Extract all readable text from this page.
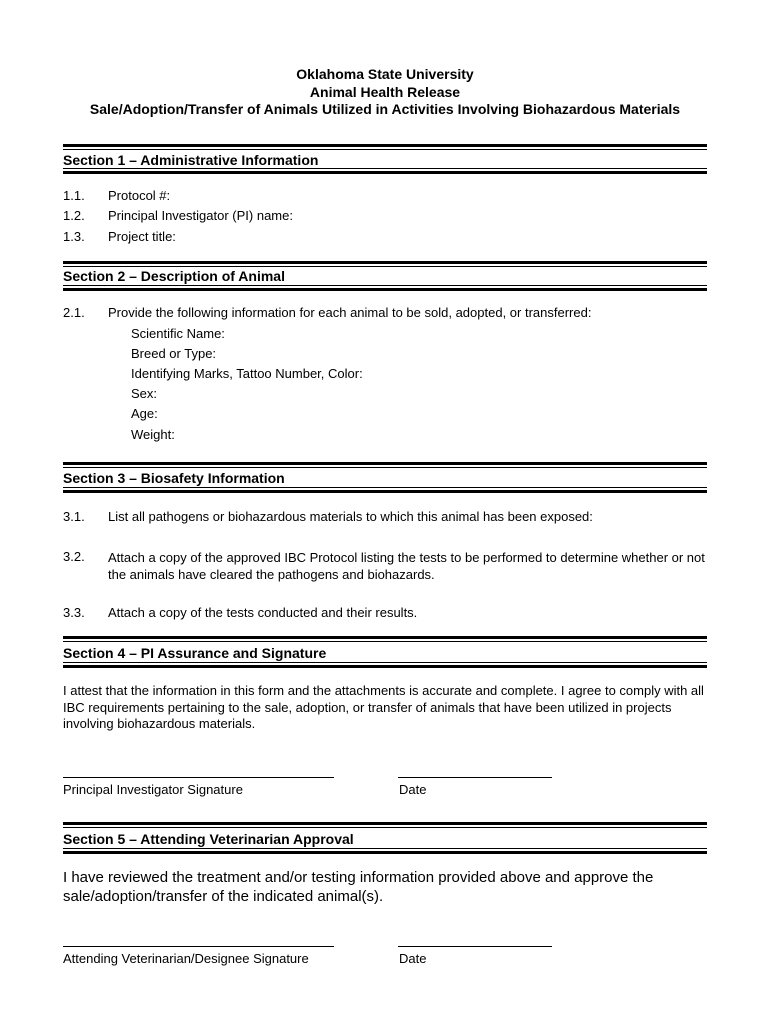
Oklahoma State University
Animal Health Release
Sale/Adoption/Transfer of Animals Utilized in Activities Involving Biohazardous Materials
Section 1 – Administrative Information
1.1. Protocol #:
1.2. Principal Investigator (PI) name:
1.3. Project title:
Section 2 – Description of Animal
2.1. Provide the following information for each animal to be sold, adopted, or transferred:
Scientific Name:
Breed or Type:
Identifying Marks, Tattoo Number, Color:
Sex:
Age:
Weight:
Section 3 – Biosafety Information
3.1. List all pathogens or biohazardous materials to which this animal has been exposed:
3.2. Attach a copy of the approved IBC Protocol listing the tests to be performed to determine whether or not the animals have cleared the pathogens and biohazards.
3.3. Attach a copy of the tests conducted and their results.
Section 4 – PI Assurance and Signature
I attest that the information in this form and the attachments is accurate and complete. I agree to comply with all IBC requirements pertaining to the sale, adoption, or transfer of animals that have been utilized in projects involving biohazardous materials.
Principal Investigator Signature	Date
Section 5 – Attending Veterinarian Approval
I have reviewed the treatment and/or testing information provided above and approve the sale/adoption/transfer of the indicated animal(s).
Attending Veterinarian/Designee Signature	Date
